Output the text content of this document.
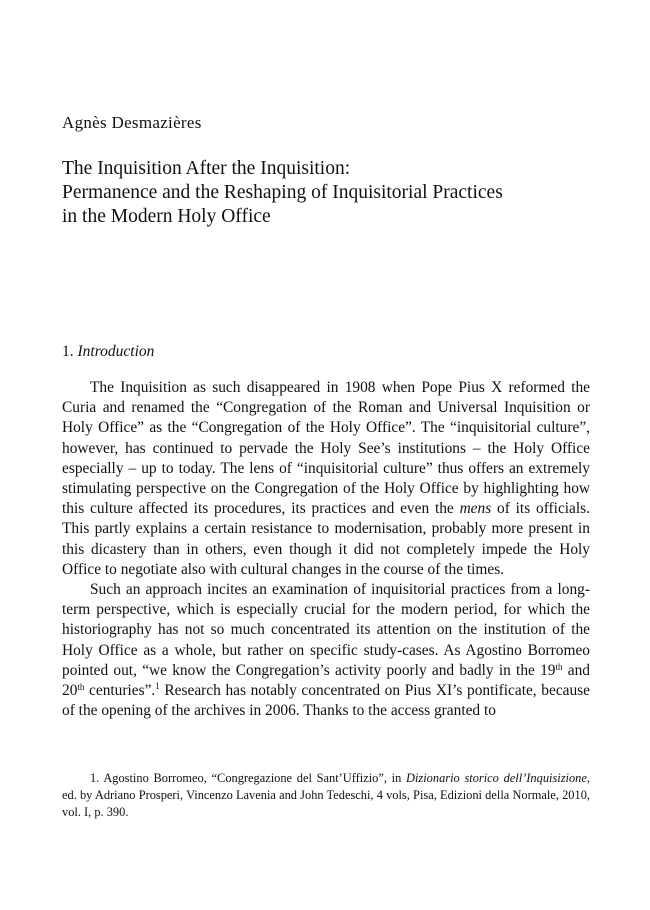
Agnès Desmazières
The Inquisition After the Inquisition:
Permanence and the Reshaping of Inquisitorial Practices
in the Modern Holy Office
1. Introduction

The Inquisition as such disappeared in 1908 when Pope Pius X reformed the Curia and renamed the “Congregation of the Roman and Universal Inquisition or Holy Office” as the “Congregation of the Holy Office”. The “inquisitorial culture”, however, has continued to pervade the Holy See’s institutions – the Holy Office especially – up to today. The lens of “inquisitorial culture” thus offers an extremely stimulating perspective on the Congregation of the Holy Office by highlighting how this culture affected its procedures, its practices and even the mens of its officials. This partly explains a certain resistance to modernisation, probably more present in this dicastery than in others, even though it did not completely impede the Holy Office to negotiate also with cultural changes in the course of the times.

Such an approach incites an examination of inquisitorial practices from a long-term perspective, which is especially crucial for the modern period, for which the historiography has not so much concentrated its attention on the institution of the Holy Office as a whole, but rather on specific study-cases. As Agostino Borromeo pointed out, “we know the Congregation’s activity poorly and badly in the 19th and 20th centuries”.$^1$ Research has notably concentrated on Pius XI’s pontificate, because of the opening of the archives in 2006. Thanks to the access granted to

1. Agostino Borromeo, “Congregazione del Sant’Uffizio”, in Dizionario storico dell’Inquisizione, ed. by Adriano Prosperi, Vincenzo Lavenia and John Tedeschi, 4 vols, Pisa, Edizioni della Normale, 2010, vol. I, p. 390.
